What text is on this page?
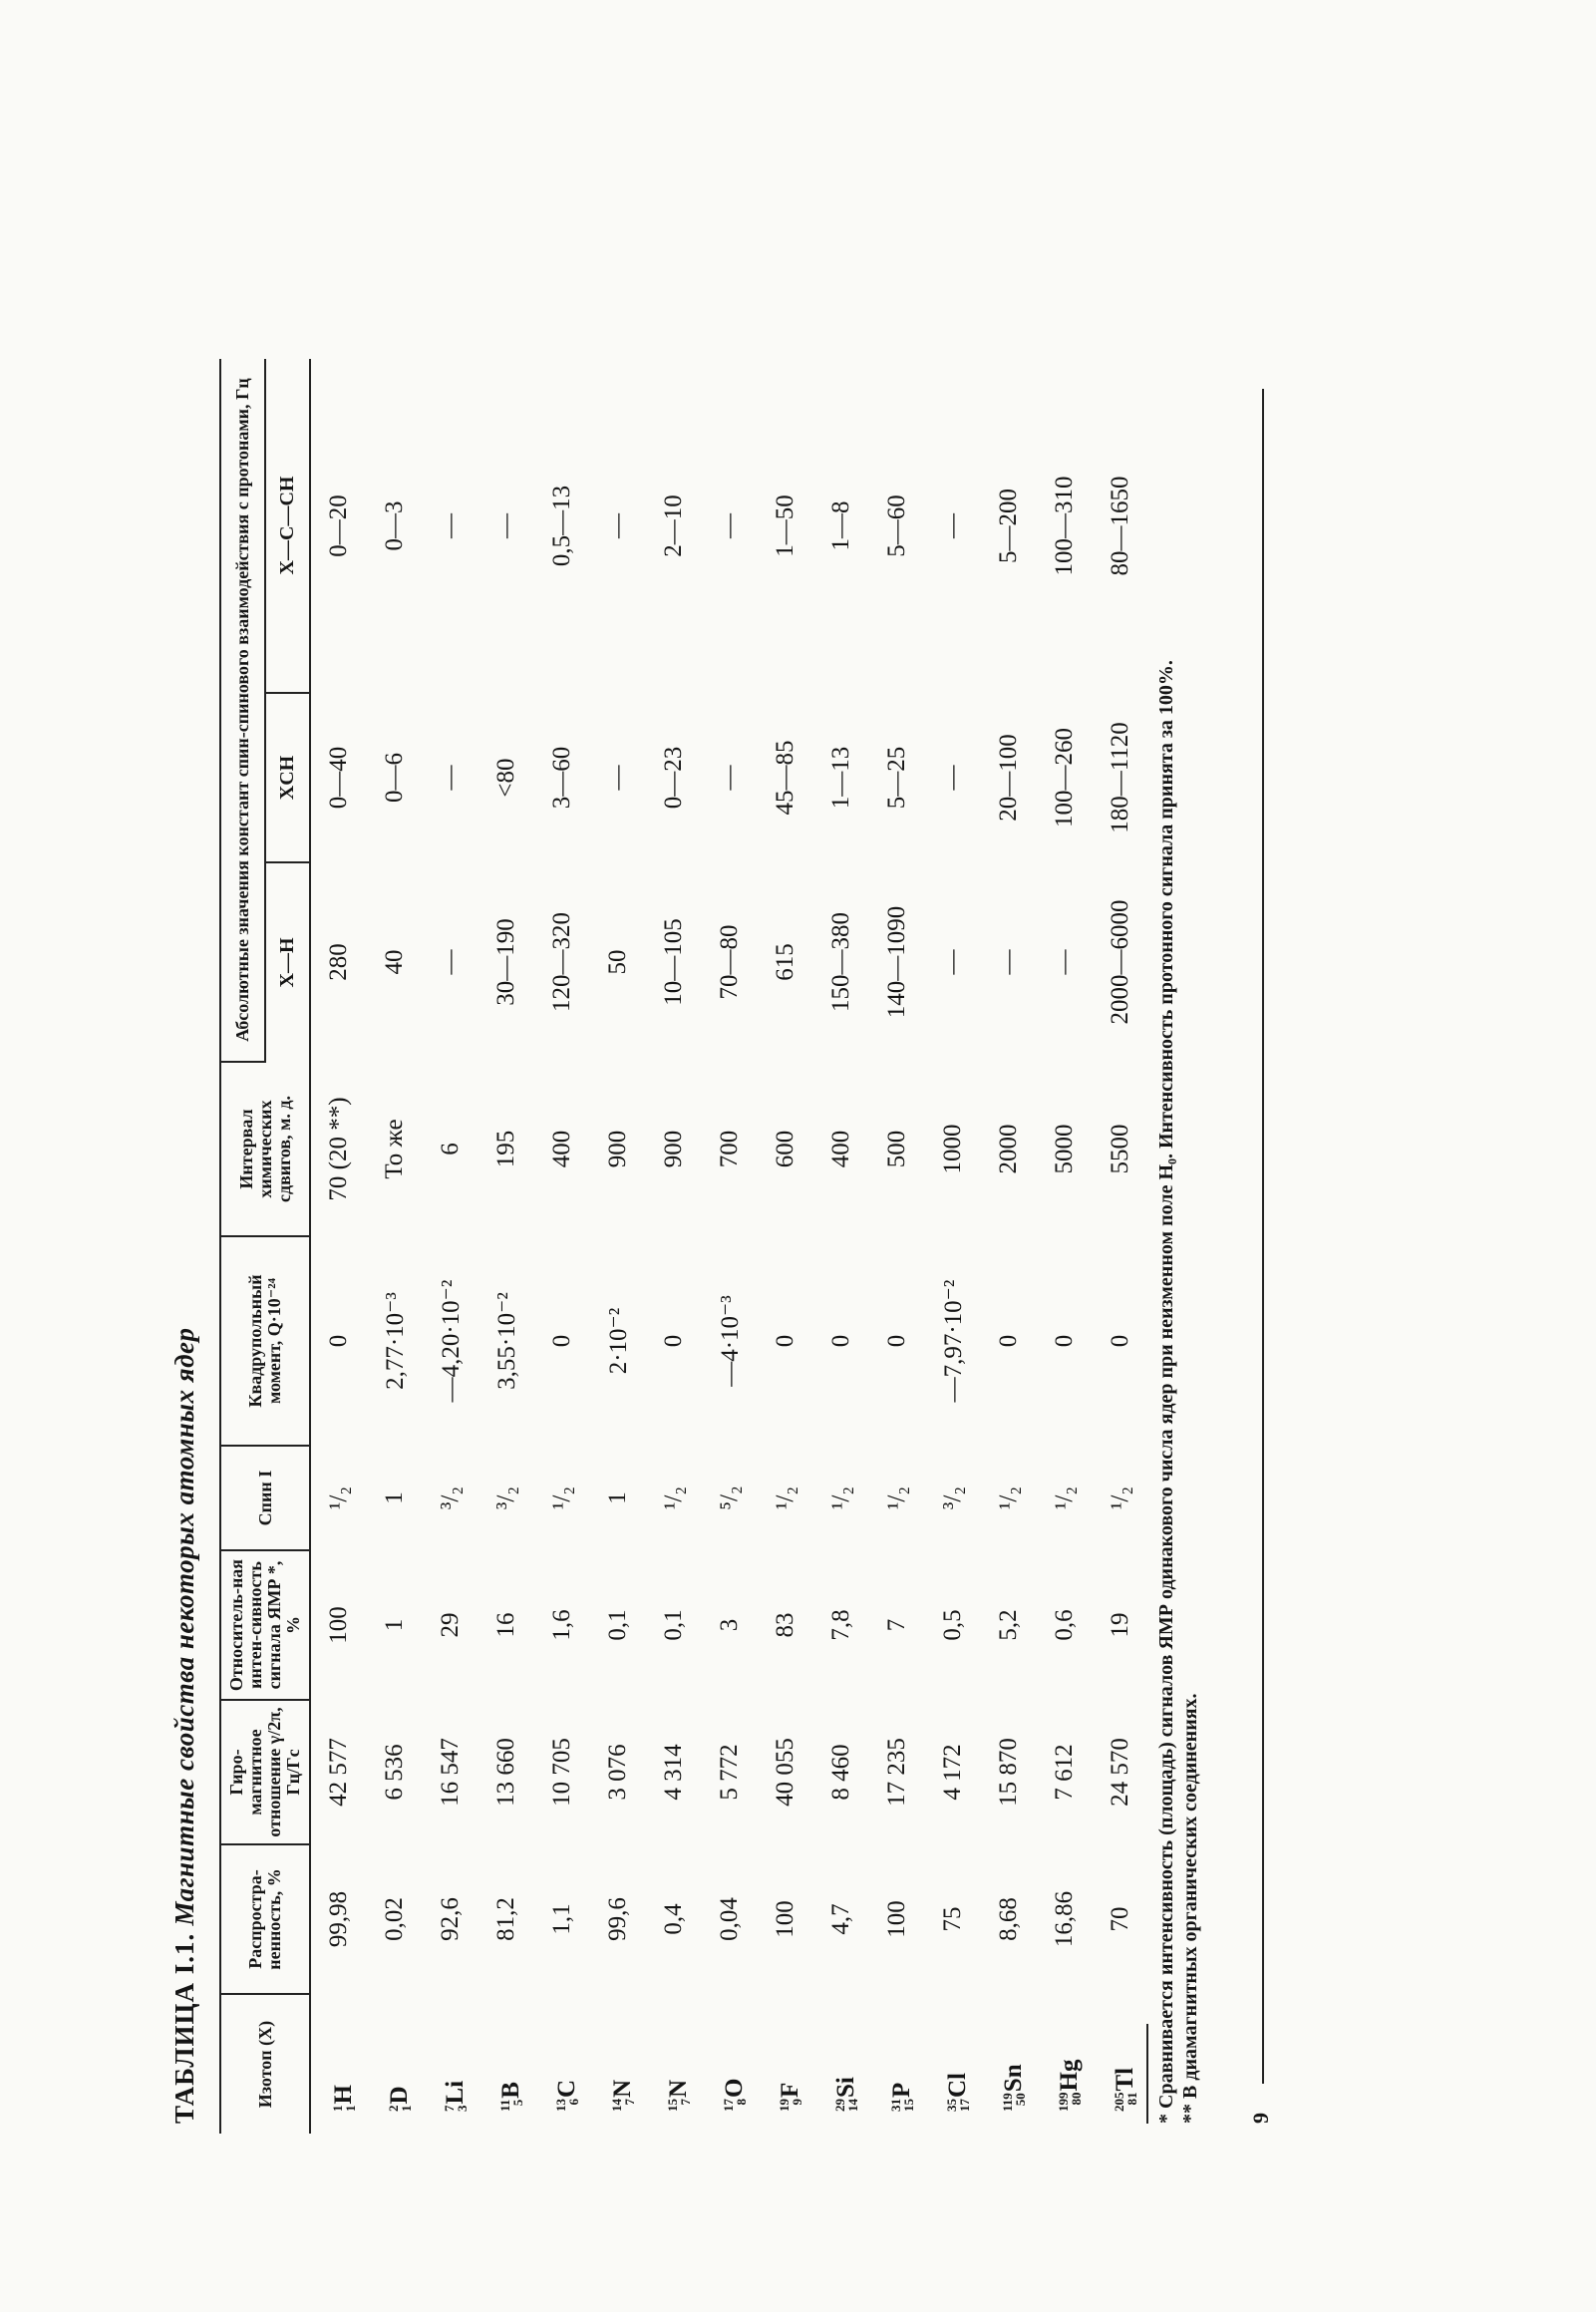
ТАБЛИЦА I.1. Магнитные свойства некоторых атомных ядер
Изотоп (X)	Распростра-ненность, %	Гиро-магнитное отношение γ/2π, Гц/Гс	Относитель-ная интен-сивность сигнала ЯМР *, %	Спин I	Квадрупольный момент, Q·10⁻²⁴	Интервал химических сдвигов, м. д.	Абсолютные значения констант спин-спинового взаимодействия с протонами, Гц		
							X—H	XCH	X—C—CH

1
1
H	99,98	42 577	100	¹/₂	0	70 (20 **)	280	0—40	0—20

2
1
D	0,02	6 536	1	1	2,77·10⁻³	То же	40	0—6	0—3

7
3
Li	92,6	16 547	29	³/₂	—4,20·10⁻²	6	—	—	—

11
5
B	81,2	13 660	16	³/₂	3,55·10⁻²	195	30—190	<80	—

13
6
C	1,1	10 705	1,6	¹/₂	0	400	120—320	3—60	0,5—13

14
7
N	99,6	3 076	0,1	1	2·10⁻²	900	50	—	—

15
7
N	0,4	4 314	0,1	¹/₂	0	900	10—105	0—23	2—10

17
8
O	0,04	5 772	3	⁵/₂	—4·10⁻³	700	70—80	—	—

19
9
F	100	40 055	83	¹/₂	0	600	615	45—85	1—50

29
14
Si	4,7	8 460	7,8	¹/₂	0	400	150—380	1—13	1—8

31
15
P	100	17 235	7	¹/₂	0	500	140—1090	5—25	5—60

35
17
Cl	75	4 172	0,5	³/₂	—7,97·10⁻²	1000	—	—	—

119
50
Sn	8,68	15 870	5,2	¹/₂	0	2000	—	20—100	5—200

199
80
Hg	16,86	7 612	0,6	¹/₂	0	5000	—	100—260	100—310

205
81
Tl	70	24 570	19	¹/₂	0	5500	2000—6000	180—1120	80—1650
* Сравнивается интенсивность (площадь) сигналов ЯМР одинакового числа ядер при неизменном поле H₀. Интенсивность протонного сигнала принята за 100%. ** В диамагнитных органических соединениях. 9
